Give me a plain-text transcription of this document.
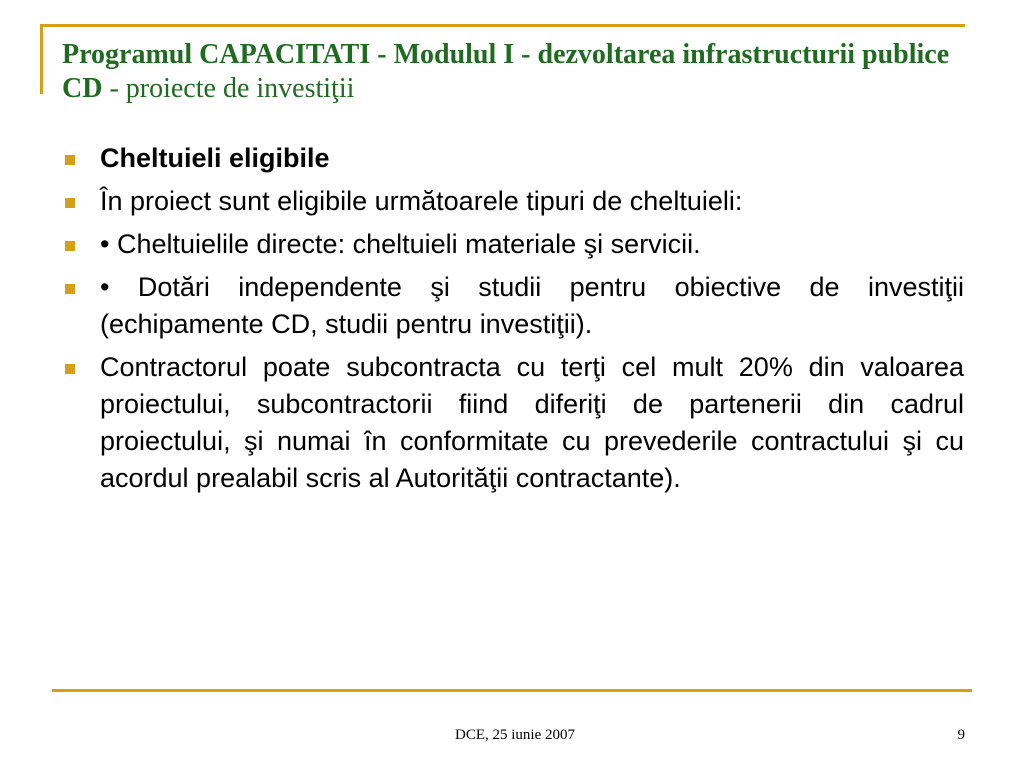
Programul CAPACITATI - Modulul I - dezvoltarea infrastructurii publice CD - proiecte de investiţii
Cheltuieli eligibile
În proiect sunt eligibile următoarele tipuri de cheltuieli:
• Cheltuielile directe: cheltuieli materiale şi servicii.
• Dotări independente şi studii pentru obiective de investiţii (echipamente CD, studii pentru investiţii).
Contractorul poate subcontracta cu terţi cel mult 20% din valoarea proiectului, subcontractorii fiind diferiţi de partenerii din cadrul proiectului, şi numai în conformitate cu prevederile contractului şi cu acordul prealabil scris al Autorităţii contractante).
DCE, 25 iunie 2007	9
